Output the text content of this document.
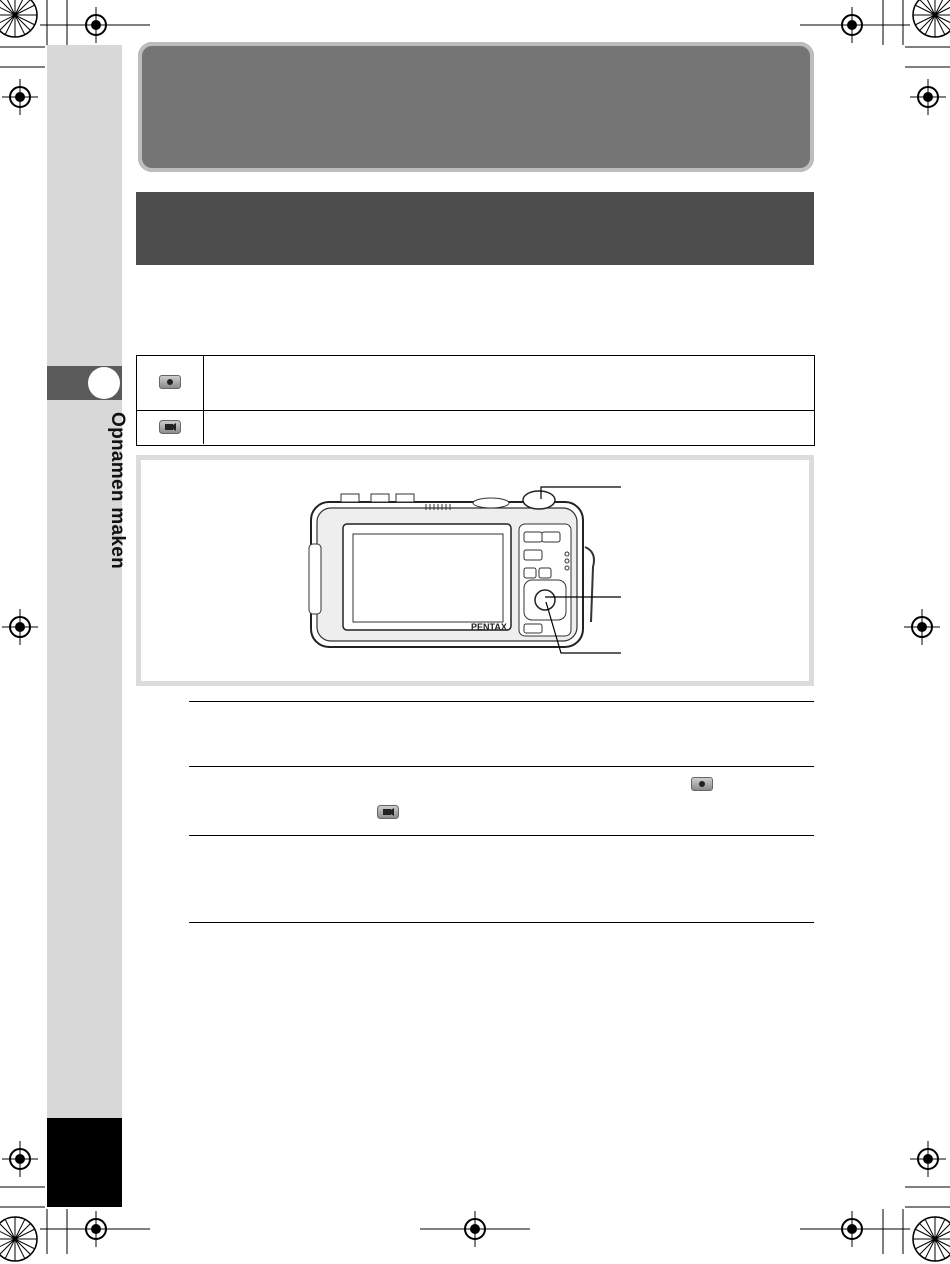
Opnamen maken
PENTAX
